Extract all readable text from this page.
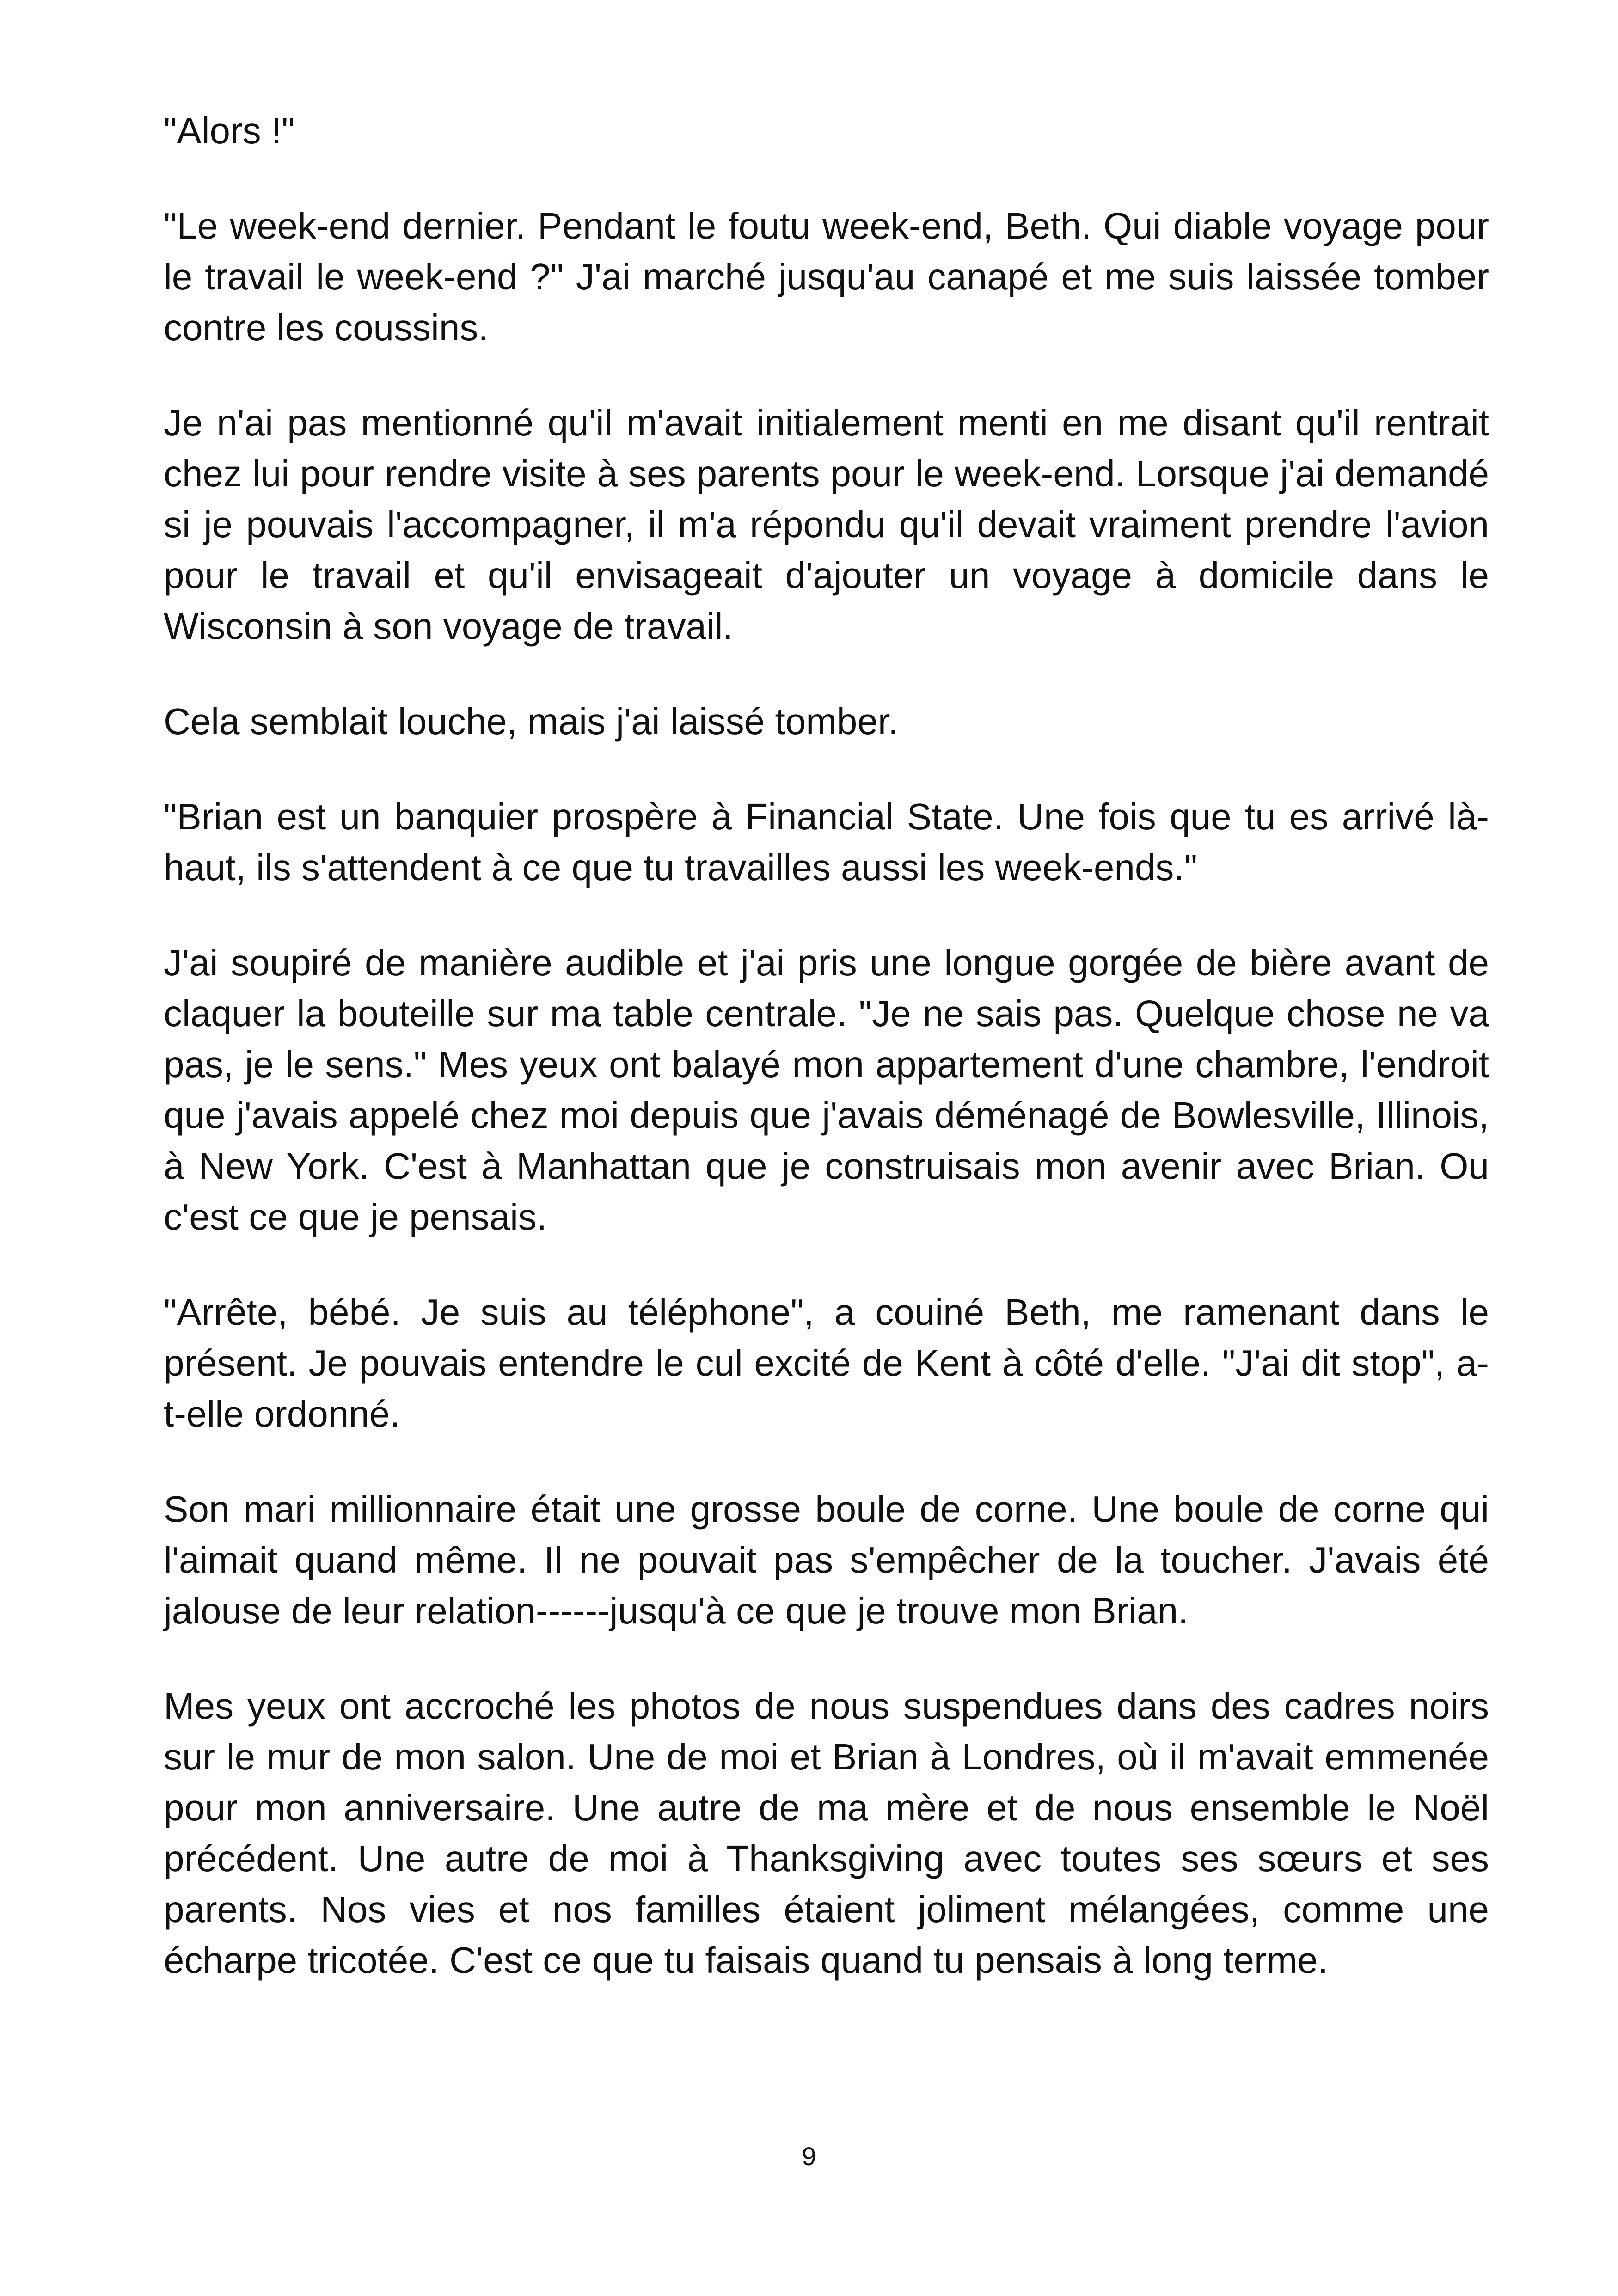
"Alors !"

"Le week-end dernier. Pendant le foutu week-end, Beth. Qui diable voyage pour le travail le week-end ?" J'ai marché jusqu'au canapé et me suis laissée tomber contre les coussins.

Je n'ai pas mentionné qu'il m'avait initialement menti en me disant qu'il rentrait chez lui pour rendre visite à ses parents pour le week-end. Lorsque j'ai demandé si je pouvais l'accompagner, il m'a répondu qu'il devait vraiment prendre l'avion pour le travail et qu'il envisageait d'ajouter un voyage à domicile dans le Wisconsin à son voyage de travail.

Cela semblait louche, mais j'ai laissé tomber.

"Brian est un banquier prospère à Financial State. Une fois que tu es arrivé là-haut, ils s'attendent à ce que tu travailles aussi les week-ends."

J'ai soupiré de manière audible et j'ai pris une longue gorgée de bière avant de claquer la bouteille sur ma table centrale. "Je ne sais pas. Quelque chose ne va pas, je le sens." Mes yeux ont balayé mon appartement d'une chambre, l'endroit que j'avais appelé chez moi depuis que j'avais déménagé de Bowlesville, Illinois, à New York. C'est à Manhattan que je construisais mon avenir avec Brian. Ou c'est ce que je pensais.

"Arrête, bébé. Je suis au téléphone", a couiné Beth, me ramenant dans le présent. Je pouvais entendre le cul excité de Kent à côté d'elle. "J'ai dit stop", a-t-elle ordonné.

Son mari millionnaire était une grosse boule de corne. Une boule de corne qui l'aimait quand même. Il ne pouvait pas s'empêcher de la toucher. J'avais été jalouse de leur relation------jusqu'à ce que je trouve mon Brian.

Mes yeux ont accroché les photos de nous suspendues dans des cadres noirs sur le mur de mon salon. Une de moi et Brian à Londres, où il m'avait emmenée pour mon anniversaire. Une autre de ma mère et de nous ensemble le Noël précédent. Une autre de moi à Thanksgiving avec toutes ses sœurs et ses parents. Nos vies et nos familles étaient joliment mélangées, comme une écharpe tricotée. C'est ce que tu faisais quand tu pensais à long terme.

9
